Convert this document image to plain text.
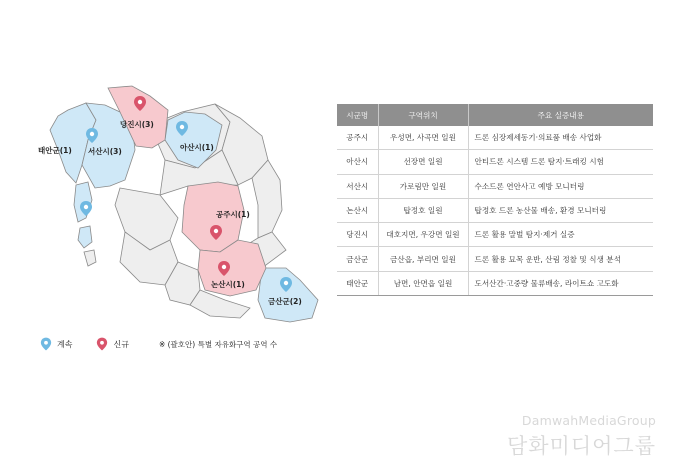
당진시(3)
아산시(1)
태안군(1) 서산시(3)
공주시(1)
논산시(1)
금산군(2)
계속	신규	※ (괄호안) 특별 자유화구역 공역 수
시군명	구역위치	주요 실증내용
공주시	우성면, 사곡면 일원	드론 심장제세동기·의료품 배송 사업화
아산시	선장면 일원	안티드론 시스템 드론 탐지·트래킹 시험
서산시	가로림만 일원	수소드론 연안사고 예방 모니터링
논산시	탑정호 일원	탑정호 드론 농산물 배송, 환경 모니터링
당진시	대호지면, 우강면 일원	드론 활용 말벌 탐지·제거 실증
금산군	금산읍, 부리면 일원	드론 활용 묘목 운반, 산림 정찰 및 식생 분석
태안군	남면, 안면읍 일원	도서산간·고중량 물류배송, 라이트쇼 고도화
DamwahMediaGroup
담화미디어그룹
